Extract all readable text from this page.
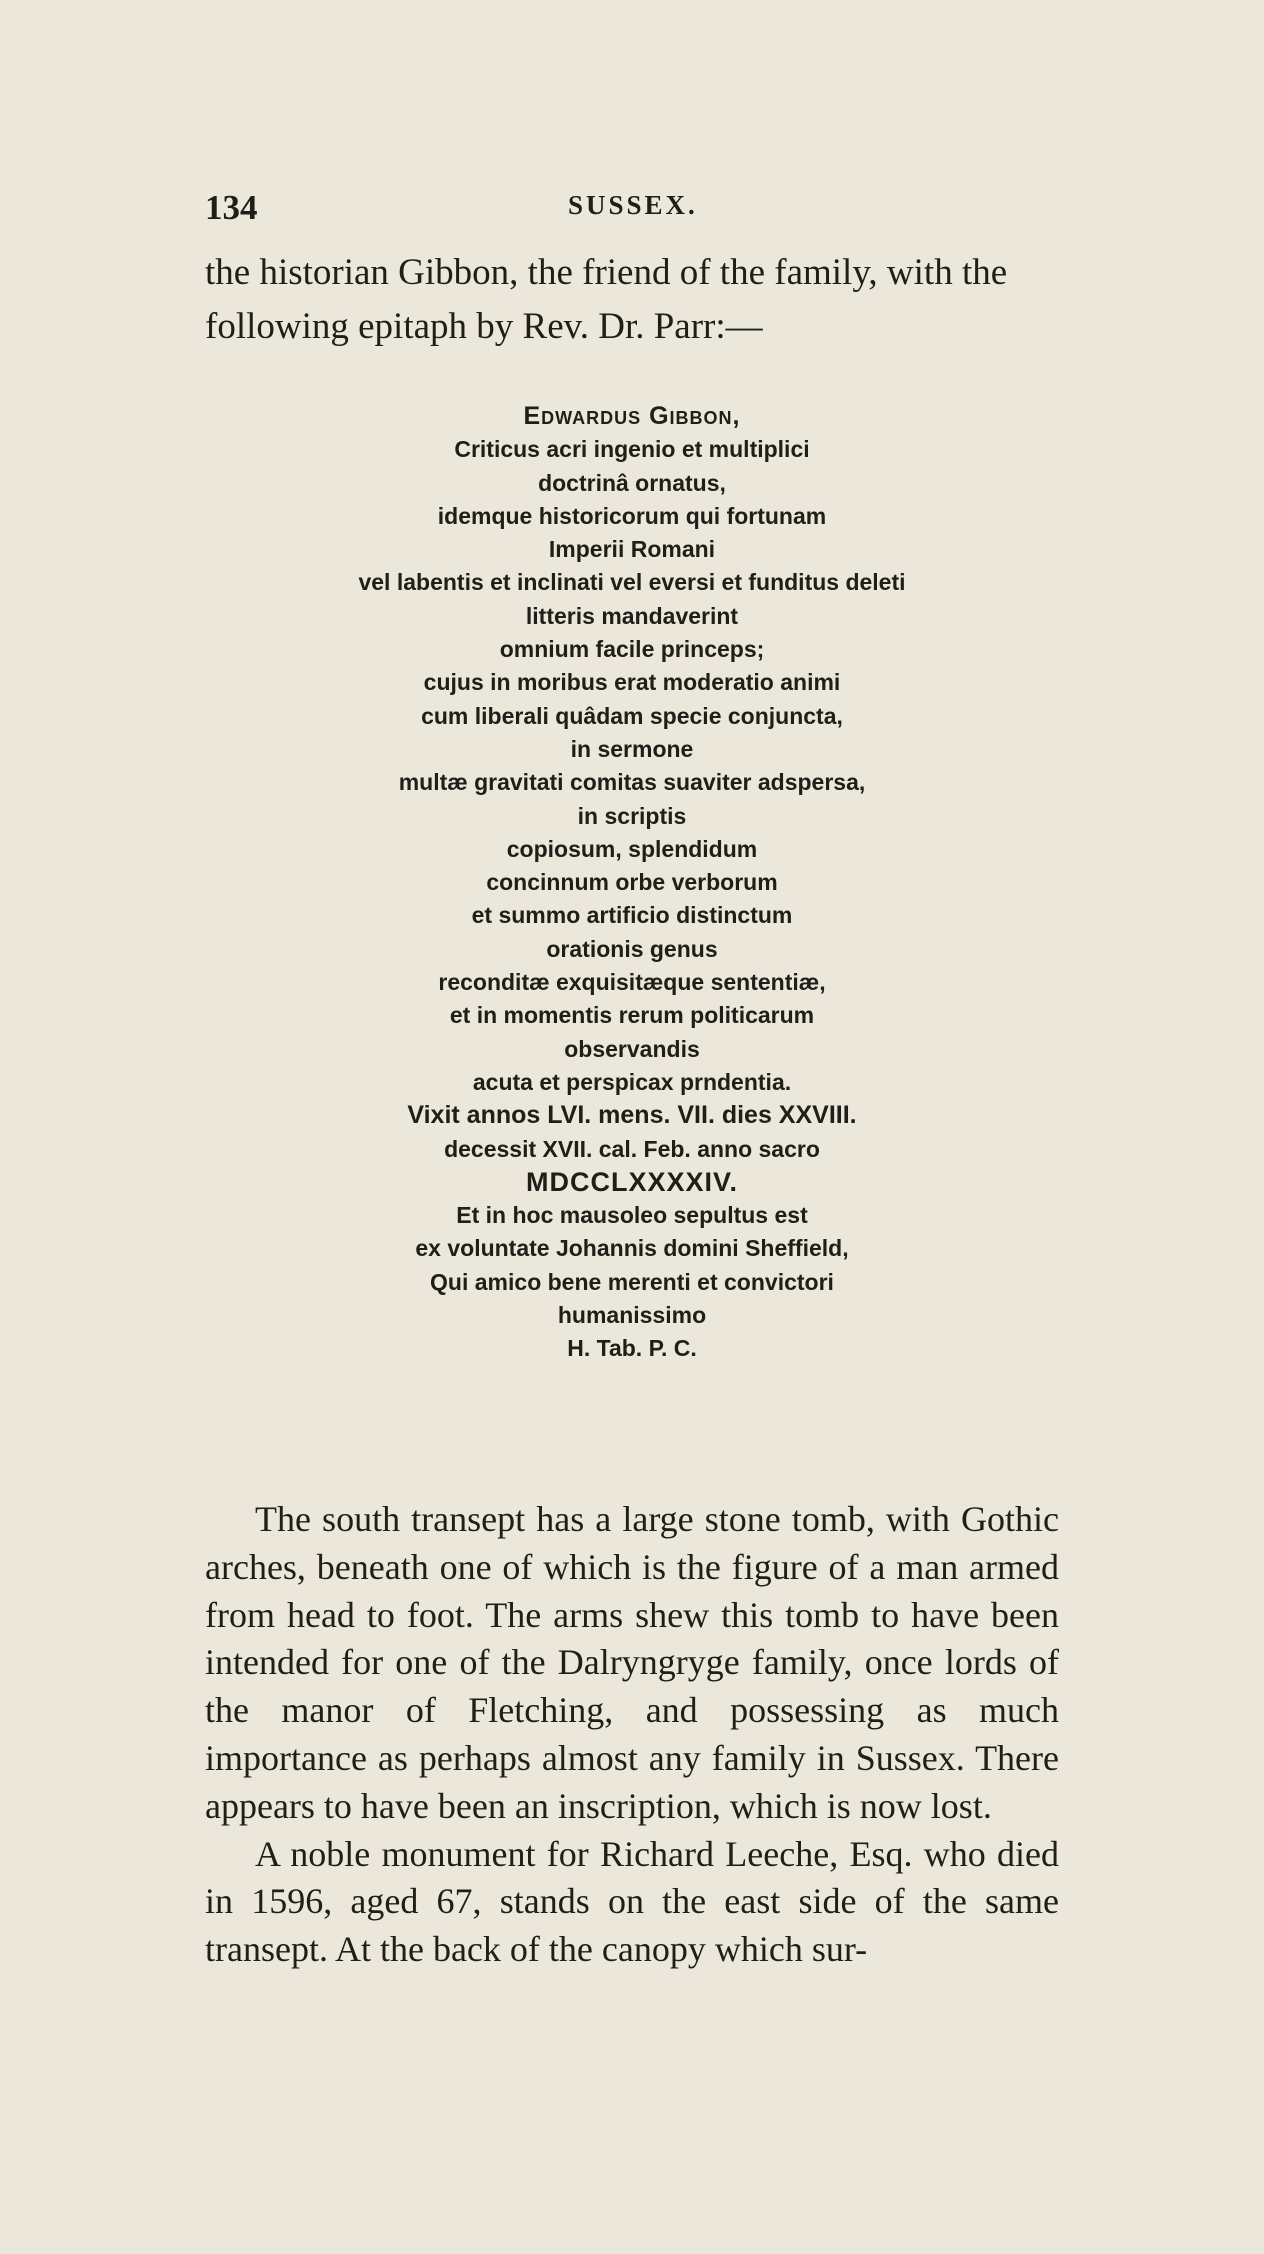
134	SUSSEX.

the historian Gibbon, the friend of the family, with the following epitaph by Rev. Dr. Parr:—

Edwardus Gibbon,
Criticus acri ingenio et multiplici
doctrinâ ornatus,
idemque historicorum qui fortunam
Imperii Romani
vel labentis et inclinati vel eversi et funditus deleti
litteris mandaverint
omnium facile princeps;
cujus in moribus erat moderatio animi
cum liberali quâdam specie conjuncta,
in sermone
multæ gravitati comitas suaviter adspersa,
in scriptis
copiosum, splendidum
concinnum orbe verborum
et summo artificio distinctum
orationis genus
reconditæ exquisitæque sententiæ,
et in momentis rerum politicarum
observandis
acuta et perspicax prndentia.
Vixit annos LVI. mens. VII. dies XXVIII.
decessit XVII. cal. Feb. anno sacro
MDCCLXXXXIV.
Et in hoc mausoleo sepultus est
ex voluntate Johannis domini Sheffield,
Qui amico bene merenti et convictori
humanissimo
H. Tab. P. C.

The south transept has a large stone tomb, with Gothic arches, beneath one of which is the figure of a man armed from head to foot. The arms shew this tomb to have been intended for one of the Dalryngryge family, once lords of the manor of Fletching, and possessing as much importance as perhaps almost any family in Sussex. There appears to have been an inscription, which is now lost.

A noble monument for Richard Leeche, Esq. who died in 1596, aged 67, stands on the east side of the same transept. At the back of the canopy which sur-
